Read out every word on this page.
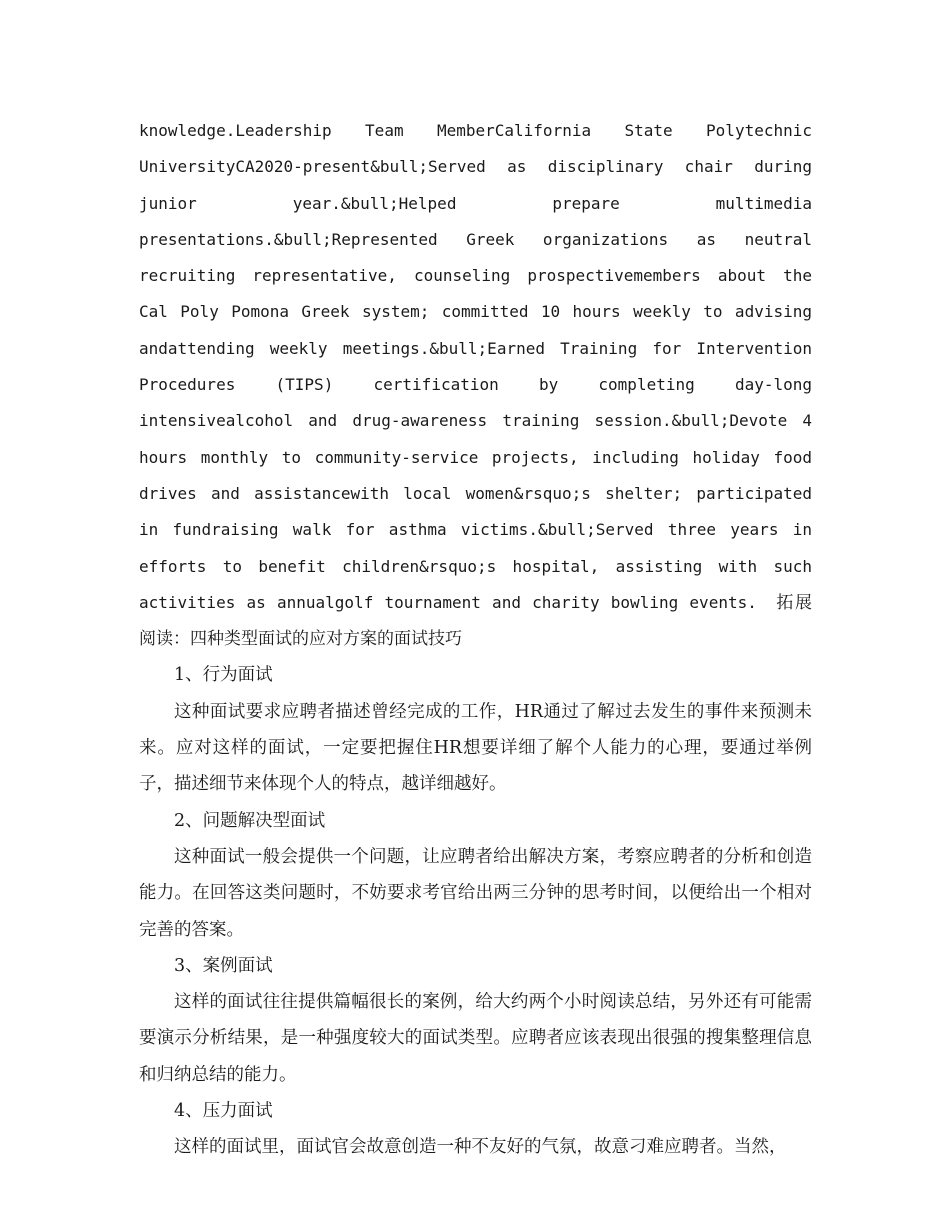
knowledge.Leadership Team MemberCalifornia State Polytechnic UniversityCA2020-present&bull;Served as disciplinary chair during junior year.&bull;Helped prepare multimedia presentations.&bull;Represented Greek organizations as neutral recruiting representative, counseling prospectivemembers about the Cal Poly Pomona Greek system; committed 10 hours weekly to advising andattending weekly meetings.&bull;Earned Training for Intervention Procedures (TIPS) certification by completing day-long intensivealcohol and drug-awareness training session.&bull;Devote 4 hours monthly to community-service projects, including holiday food drives and assistancewith local women&rsquo;s shelter; participated in fundraising walk for asthma victims.&bull;Served three years in efforts to benefit children&rsquo;s hospital, assisting with such activities as annualgolf tournament and charity bowling events. 拓展阅读：四种类型面试的应对方案的面试技巧

1、行为面试

这种面试要求应聘者描述曾经完成的工作，HR通过了解过去发生的事件来预测未来。应对这样的面试，一定要把握住HR想要详细了解个人能力的心理，要通过举例子，描述细节来体现个人的特点，越详细越好。

2、问题解决型面试

这种面试一般会提供一个问题，让应聘者给出解决方案，考察应聘者的分析和创造能力。在回答这类问题时，不妨要求考官给出两三分钟的思考时间，以便给出一个相对完善的答案。

3、案例面试

这样的面试往往提供篇幅很长的案例，给大约两个小时阅读总结，另外还有可能需要演示分析结果，是一种强度较大的面试类型。应聘者应该表现出很强的搜集整理信息和归纳总结的能力。

4、压力面试

这样的面试里，面试官会故意创造一种不友好的气氛，故意刁难应聘者。当然，
